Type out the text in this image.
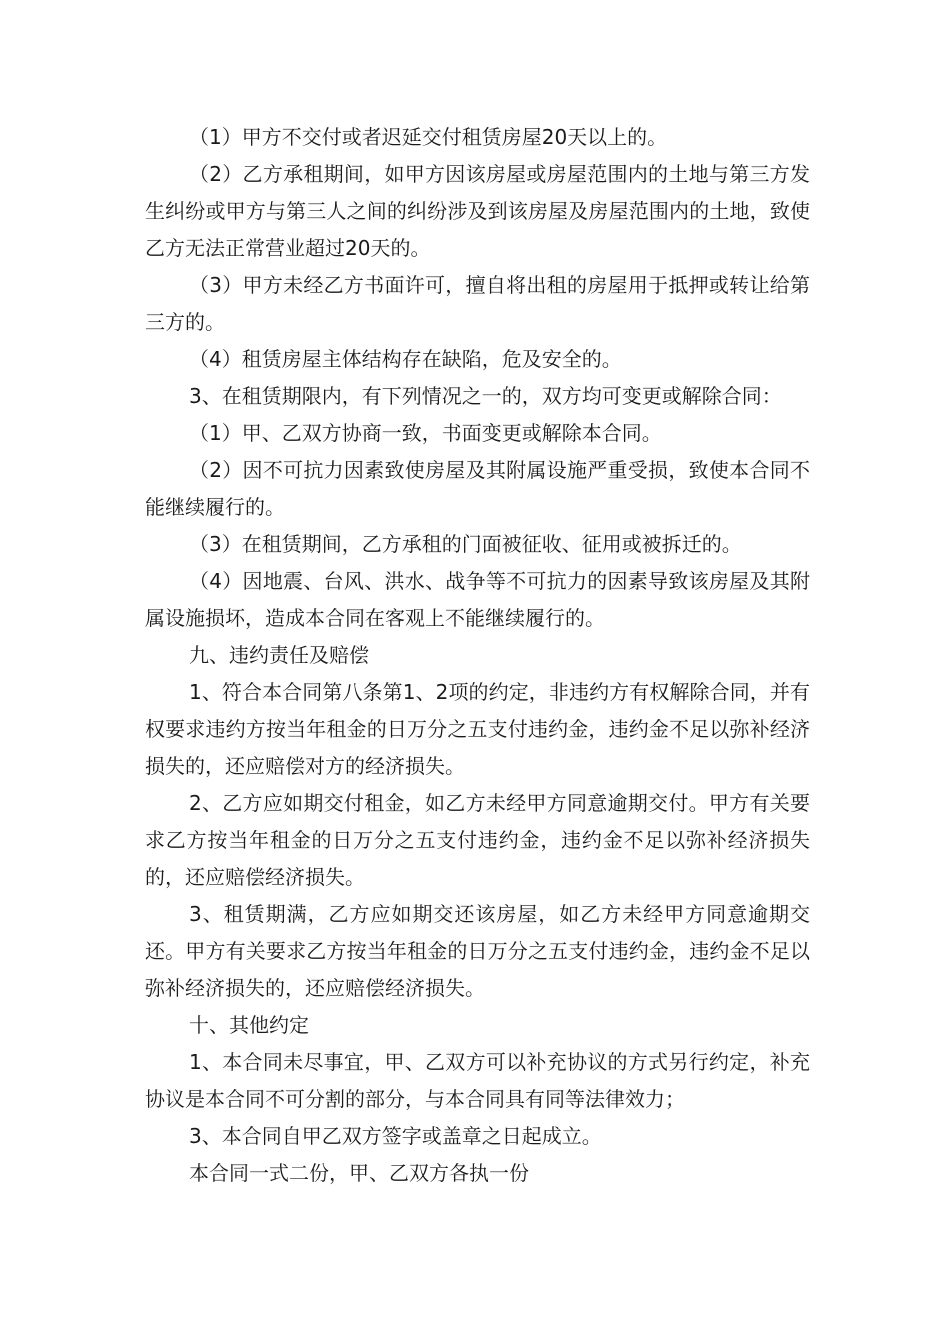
（1）甲方不交付或者迟延交付租赁房屋20天以上的。

（2）乙方承租期间，如甲方因该房屋或房屋范围内的土地与第三方发生纠纷或甲方与第三人之间的纠纷涉及到该房屋及房屋范围内的土地，致使乙方无法正常营业超过20天的。

（3）甲方未经乙方书面许可，擅自将出租的房屋用于抵押或转让给第三方的。

（4）租赁房屋主体结构存在缺陷，危及安全的。

3、在租赁期限内，有下列情况之一的，双方均可变更或解除合同：

（1）甲、乙双方协商一致，书面变更或解除本合同。

（2）因不可抗力因素致使房屋及其附属设施严重受损，致使本合同不能继续履行的。

（3）在租赁期间，乙方承租的门面被征收、征用或被拆迁的。

（4）因地震、台风、洪水、战争等不可抗力的因素导致该房屋及其附属设施损坏，造成本合同在客观上不能继续履行的。

九、违约责任及赔偿

1、符合本合同第八条第1、2项的约定，非违约方有权解除合同，并有权要求违约方按当年租金的日万分之五支付违约金，违约金不足以弥补经济损失的，还应赔偿对方的经济损失。

2、乙方应如期交付租金，如乙方未经甲方同意逾期交付。甲方有关要求乙方按当年租金的日万分之五支付违约金，违约金不足以弥补经济损失的，还应赔偿经济损失。

3、租赁期满，乙方应如期交还该房屋，如乙方未经甲方同意逾期交还。甲方有关要求乙方按当年租金的日万分之五支付违约金，违约金不足以弥补经济损失的，还应赔偿经济损失。

十、其他约定

1、本合同未尽事宜，甲、乙双方可以补充协议的方式另行约定，补充协议是本合同不可分割的部分，与本合同具有同等法律效力；

3、本合同自甲乙双方签字或盖章之日起成立。

本合同一式二份，甲、乙双方各执一份
